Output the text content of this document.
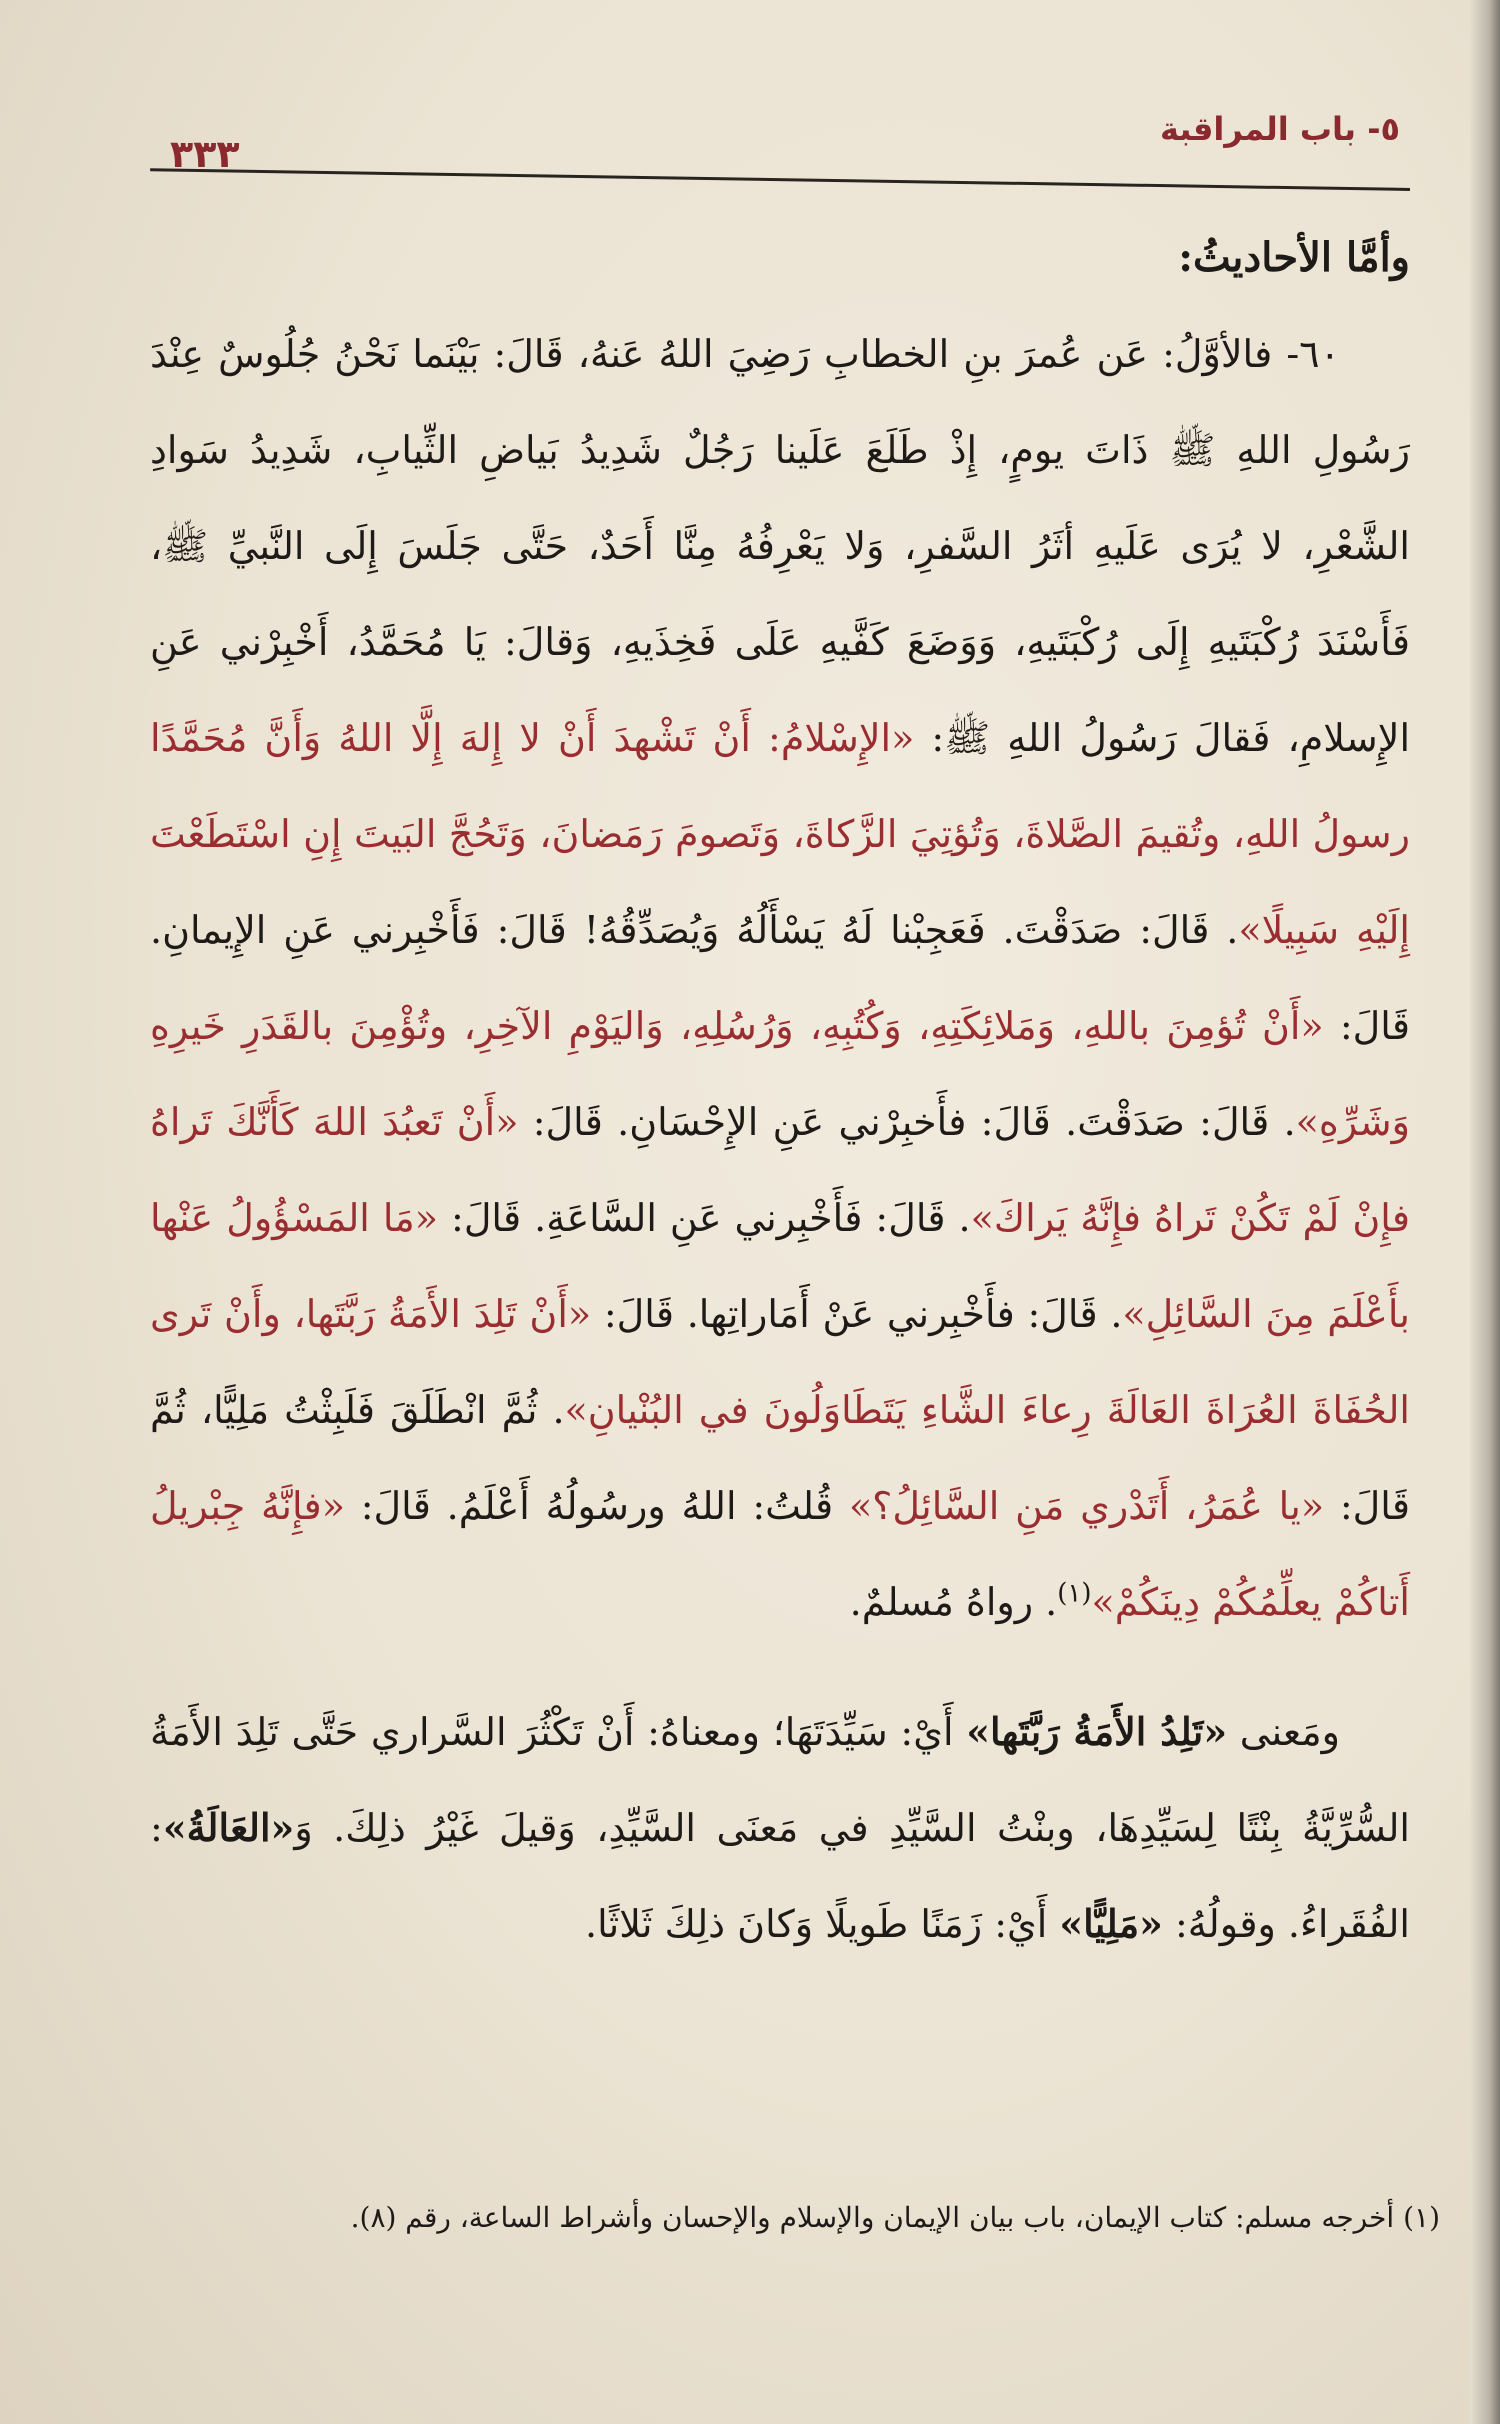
٥- باب المراقبة
٣٣٣

وأمَّا الأحاديثُ:

٦٠- فالأوَّلُ: عَن عُمرَ بنِ الخطابِ رَضِيَ اللهُ عَنهُ، قَالَ: بَيْنَما نَحْنُ جُلُوسٌ عِنْدَ رَسُولِ اللهِ ﷺ ذَاتَ يومٍ، إِذْ طَلَعَ عَلَينا رَجُلٌ شَدِيدُ بَياضِ الثِّيابِ، شَدِيدُ سَوادِ الشَّعْرِ، لا يُرَى عَلَيهِ أثَرُ السَّفرِ، وَلا يَعْرِفُهُ مِنَّا أَحَدٌ، حَتَّى جَلَسَ إِلَى النَّبيِّ ﷺ، فَأَسْنَدَ رُكْبَتَيهِ إِلَى رُكْبَتَيهِ، وَوَضَعَ كَفَّيهِ عَلَى فَخِذَيهِ، وَقالَ: يَا مُحَمَّدُ، أَخْبِرْني عَنِ الإِسلامِ، فَقالَ رَسُولُ اللهِ ﷺ: «الإِسْلامُ: أَنْ تَشْهدَ أَنْ لا إِلهَ إِلَّا اللهُ وَأَنَّ مُحَمَّدًا رسولُ اللهِ، وتُقيمَ الصَّلاةَ، وَتُؤتِيَ الزَّكاةَ، وَتَصومَ رَمَضانَ، وَتَحُجَّ البَيتَ إِنِ اسْتَطَعْتَ إِلَيْهِ سَبِيلًا». قَالَ: صَدَقْتَ. فَعَجِبْنا لَهُ يَسْأَلُهُ وَيُصَدِّقُهُ! قَالَ: فَأَخْبِرني عَنِ الإِيمانِ. قَالَ: «أَنْ تُؤمِنَ باللهِ، وَمَلائِكَتِهِ، وَكُتُبِهِ، وَرُسُلِهِ، وَاليَوْمِ الآخِرِ، وتُؤْمِنَ بالقَدَرِ خَيرِهِ وَشَرِّهِ». قَالَ: صَدَقْتَ. قَالَ: فأَخبِرْني عَنِ الإِحْسَانِ. قَالَ: «أَنْ تَعبُدَ اللهَ كَأَنَّكَ تَراهُ فإِنْ لَمْ تَكُنْ تَراهُ فإِنَّهُ يَراكَ». قَالَ: فَأَخْبِرني عَنِ السَّاعَةِ. قَالَ: «مَا المَسْؤُولُ عَنْها بأَعْلَمَ مِنَ السَّائِلِ». قَالَ: فأَخْبِرني عَنْ أَمَاراتِها. قَالَ: «أَنْ تَلِدَ الأَمَةُ رَبَّتَها، وأَنْ تَرى الحُفَاةَ العُرَاةَ العَالَةَ رِعاءَ الشَّاءِ يَتَطَاوَلُونَ في البُنْيانِ». ثُمَّ انْطَلَقَ فَلَبِثْتُ مَلِيًّا، ثُمَّ قَالَ: «يا عُمَرُ، أَتَدْري مَنِ السَّائِلُ؟» قُلتُ: اللهُ ورسُولُهُ أَعْلَمُ. قَالَ: «فإِنَّهُ جِبْريلُ أَتاكُمْ يعلِّمُكُمْ دِينَكُمْ»$^{(١)}$. رواهُ مُسلمٌ.

ومَعنى «تَلِدُ الأَمَةُ رَبَّتَها» أَيْ: سَيِّدَتَهَا؛ ومعناهُ: أَنْ تَكْثُرَ السَّراري حَتَّى تَلِدَ الأَمَةُ السُّرِّيَّةُ بِنْتًا لِسَيِّدِهَا، وبنْتُ السَّيِّدِ في مَعنَى السَّيِّدِ، وَقيلَ غَيْرُ ذلِكَ. وَ«العَالَةُ»: الفُقَراءُ. وقولُهُ: «مَلِيًّا» أَيْ: زَمَنًا طَويلًا وَكانَ ذلِكَ ثَلاثًا.

(١) أخرجه مسلم: كتاب الإيمان، باب بيان الإيمان والإسلام والإحسان وأشراط الساعة، رقم (٨).
